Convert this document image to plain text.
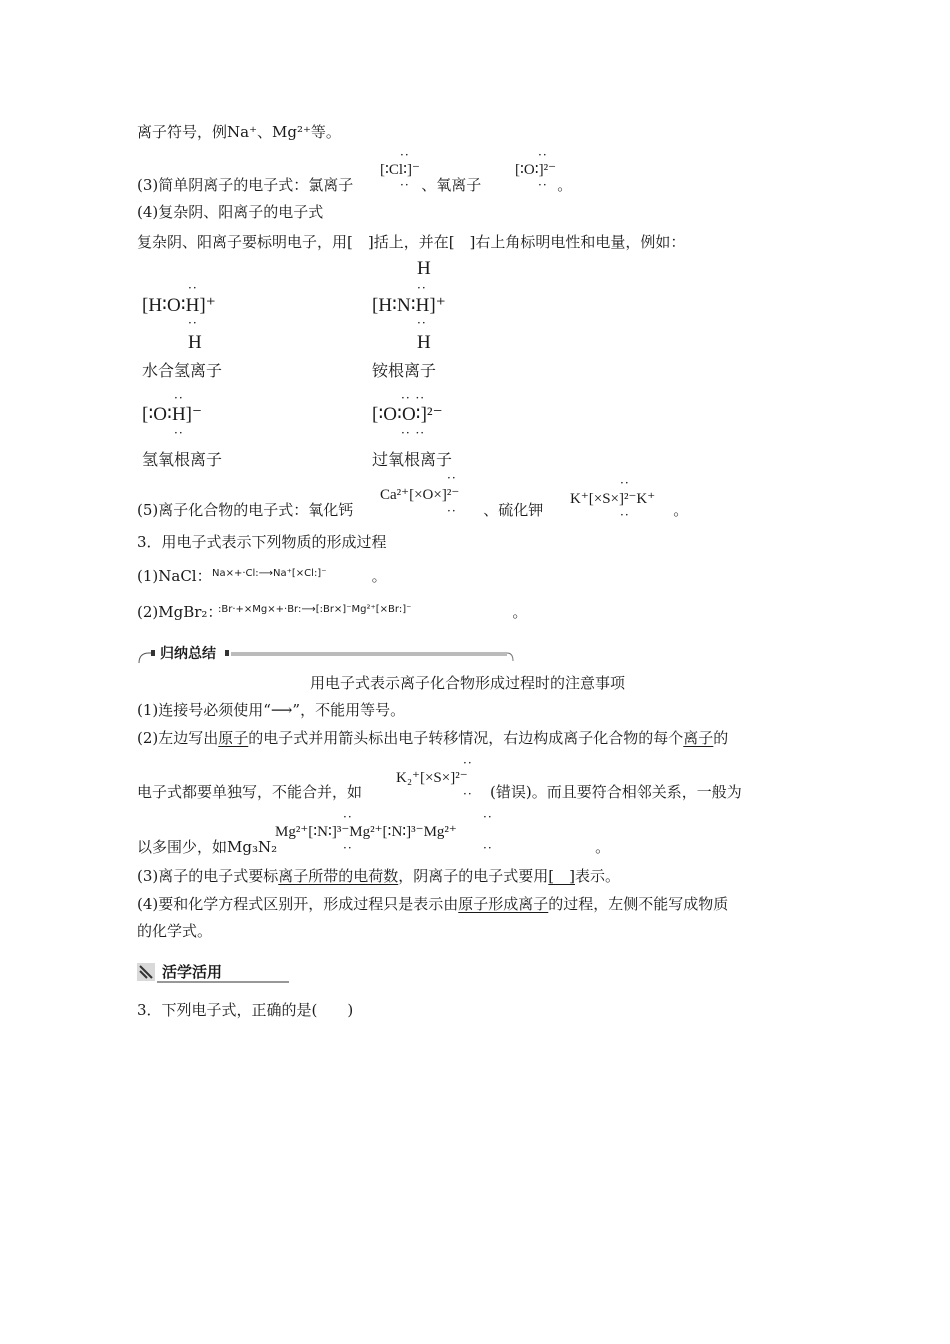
离子符号，例Na⁺、Mg²⁺等。
(3)简单阴离子的电子式：氯离子	、氧离子	。
··
[∶Cl∶]⁻
··
··
[∶O∶]²⁻
··
(4)复杂阴、阳离子的电子式
复杂阴、阳离子要标明电子，用[　]括上，并在[　]右上角标明电性和电量，例如：
··
[H∶O∶H]⁺
··
H
水合氢离子
H
··
[H∶N∶H]⁺
··
H
铵根离子
··
[∶O∶H]⁻
··
氢氧根离子
·· ··
[∶O∶O∶]²⁻
·· ··
过氧根离子
(5)离子化合物的电子式：氧化钙	、硫化钾	。
··
Ca²⁺[×O×]²⁻
··
··
K⁺[×S×]²⁻K⁺
··
3．用电子式表示下列物质的形成过程
(1)NaCl：	。
Na×+·Cl:⟶Na⁺[×Cl:]⁻
(2)MgBr₂：	。
:Br·+×Mg×+·Br:⟶[:Br×]⁻Mg²⁺[×Br:]⁻
归纳总结
用电子式表示离子化合物形成过程时的注意事项
(1)连接号必须使用“⟶”，不能用等号。
(2)左边写出原子的电子式并用箭头标出电子转移情况，右边构成离子化合物的每个离子的
电子式都要单独写，不能合并，如	(错误)。而且要符合相邻关系，一般为
··
K₂⁺[×S×]²⁻
··
以多围少，如Mg₃N₂	。
··	··
Mg²⁺[∶N∶]³⁻Mg²⁺[∶N∶]³⁻Mg²⁺
··	··
(3)离子的电子式要标离子所带的电荷数，阴离子的电子式要用[　]表示。
(4)要和化学方程式区别开，形成过程只是表示由原子形成离子的过程，左侧不能写成物质
的化学式。
活学活用
3．下列电子式，正确的是(　　)
